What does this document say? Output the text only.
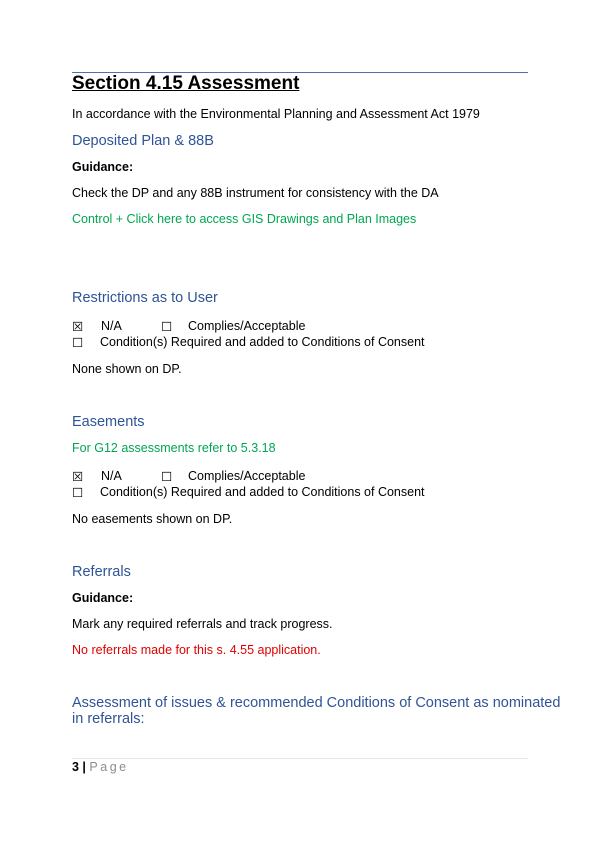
Section 4.15 Assessment
In accordance with the Environmental Planning and Assessment Act 1979
Deposited Plan & 88B
Guidance:
Check the DP and any 88B instrument for consistency with the DA
Control + Click here to access GIS Drawings and Plan Images
Restrictions as to User
☒ N/A	☐ Complies/Acceptable
☐ Condition(s) Required and added to Conditions of Consent
None shown on DP.
Easements
For G12 assessments refer to 5.3.18
☒ N/A	☐ Complies/Acceptable
☐ Condition(s) Required and added to Conditions of Consent
No easements shown on DP.
Referrals
Guidance:
Mark any required referrals and track progress.
No referrals made for this s. 4.55 application.
Assessment of issues & recommended Conditions of Consent as nominated
in referrals:
3 | Page
